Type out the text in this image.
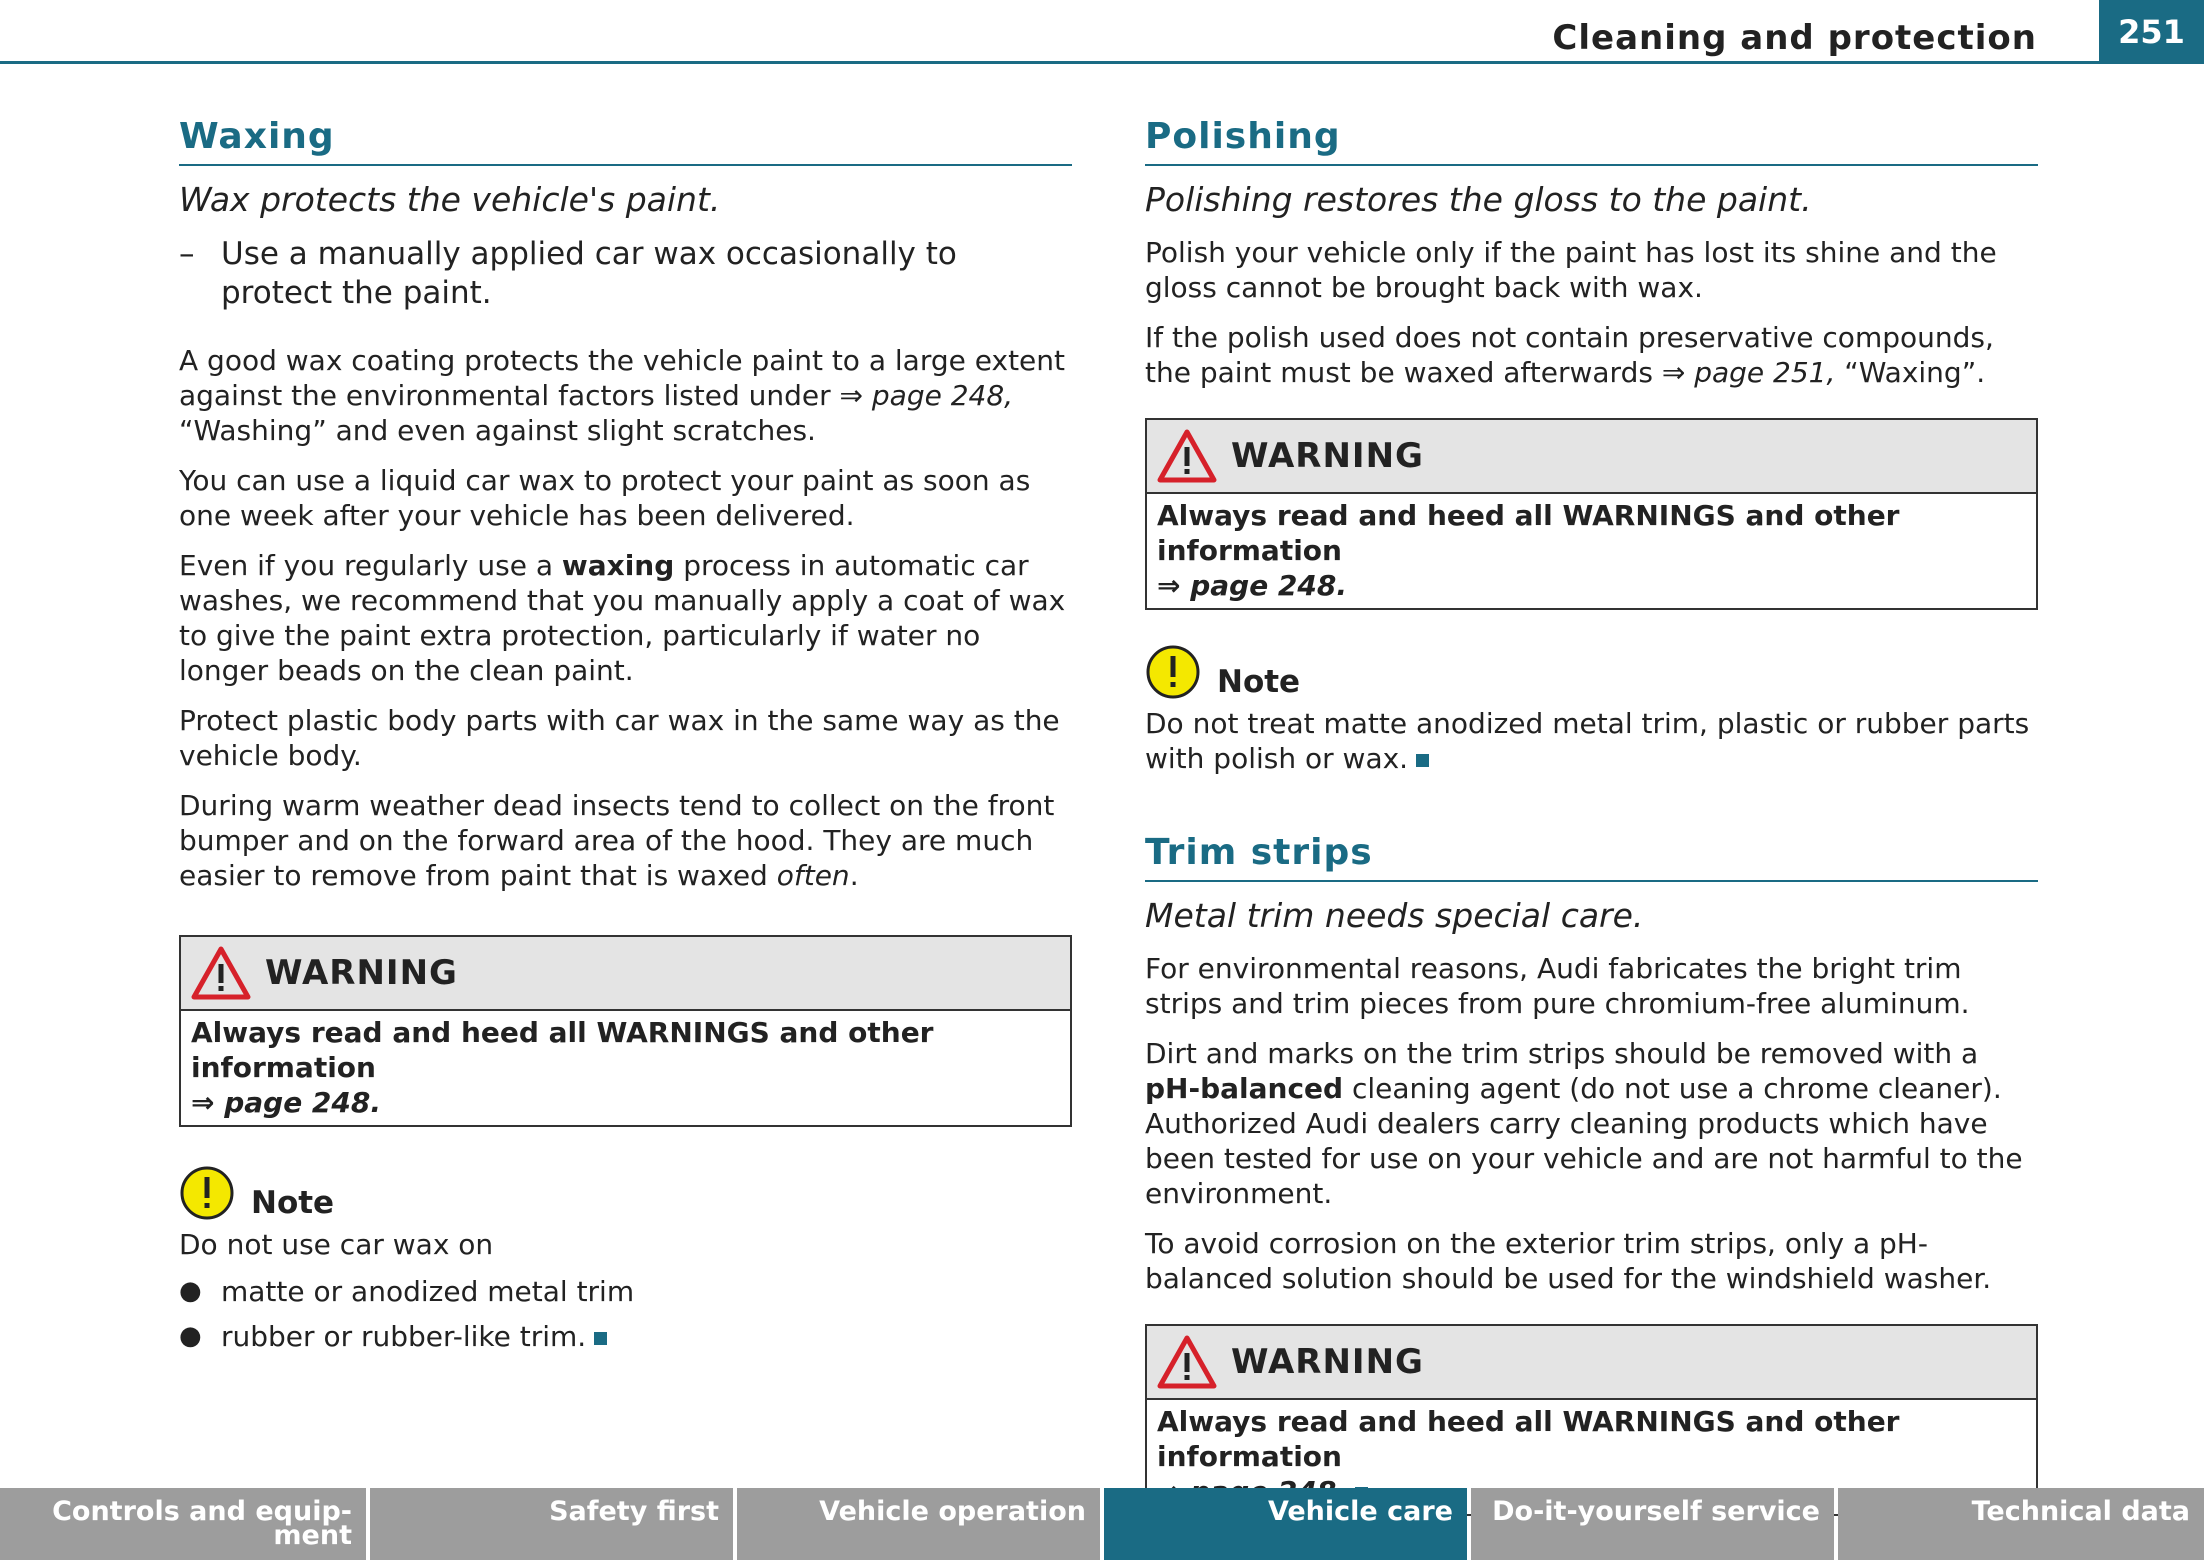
Cleaning and protection	251
Waxing
Wax protects the vehicle's paint.
– Use a manually applied car wax occasionally to protect the paint.

A good wax coating protects the vehicle paint to a large extent against the environmental factors listed under ⇒ page 248, “Washing” and even against slight scratches.

You can use a liquid car wax to protect your paint as soon as one week after your vehicle has been delivered.

Even if you regularly use a waxing process in automatic car washes, we recommend that you manually apply a coat of wax to give the paint extra protection, particularly if water no longer beads on the clean paint.

Protect plastic body parts with car wax in the same way as the vehicle body.

During warm weather dead insects tend to collect on the front bumper and on the forward area of the hood. They are much easier to remove from paint that is waxed often.

WARNING
Always read and heed all WARNINGS and other information
⇒ page 248.
Note

Do not use car wax on

● matte or anodized metal trim
● rubber or rubber-like trim.
Polishing
Polishing restores the gloss to the paint.

Polish your vehicle only if the paint has lost its shine and the gloss cannot be brought back with wax.

If the polish used does not contain preservative compounds, the paint must be waxed afterwards ⇒ page 251, “Waxing”.

WARNING
Always read and heed all WARNINGS and other information
⇒ page 248.
Note

Do not treat matte anodized metal trim, plastic or rubber parts with polish or wax.

Trim strips
Metal trim needs special care.

For environmental reasons, Audi fabricates the bright trim strips and trim pieces from pure chromium-free aluminum.

Dirt and marks on the trim strips should be removed with a pH-balanced cleaning agent (do not use a chrome cleaner). Authorized Audi dealers carry cleaning products which have been tested for use on your vehicle and are not harmful to the environment.

To avoid corrosion on the exterior trim strips, only a pH-balanced solution should be used for the windshield washer.

WARNING
Always read and heed all WARNINGS and other information
Controls and equip-
ment
Safety first	Vehicle operation	Vehicle care	Do-it-yourself service	Technical data
